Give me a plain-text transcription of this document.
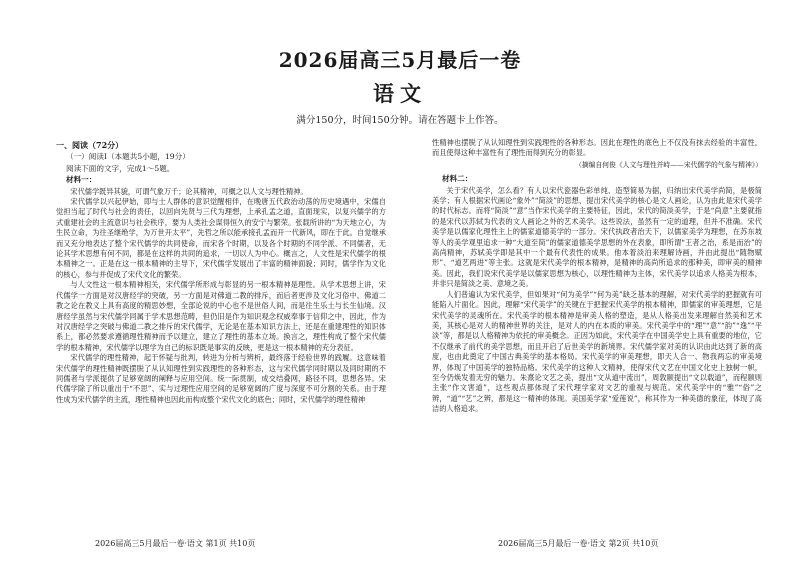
2026届高三5月最后一卷
语文
满分150分，时间150分钟。请在答题卡上作答。
一、阅读（72分）
（一）阅读Ⅰ（本题共5小题，19分）
阅读下面的文字，完成1～5题。
材料一：

宋代儒学既异其貌，可谓气象万千；论其精神，可概之以人文与理性精神。

宋代儒学以兴起伊始，即与士人群体的意识觉醒相伴，在晚唐五代政治动荡的历史境遇中，宋儒自觉担当起了时代与社会的责任，以回向先贤与三代为理想，上承孔孟之道，直面现实，以复兴儒学的方式重建社会的主流意识与社会秩序，要为人类社会谋得恒久的安宁与繁荣。张载所讲的“为天地立心，为生民立命，为往圣继绝学，为万世开太平”，先哲之所以能承接孔孟而开一代新风，即在于此。自觉继承而又充分地表达了整个宋代儒学的共同使命，而宋各个时期，以及各个时期的不同学派、不同儒者，无论其学术思想有何不同，都是在这样的共同的追求，一切以人为中心。概言之，人文性是宋代儒学的根本精神之一。正是在这一根本精神的主导下，宋代儒学发展出了丰富的精神面貌；同时，儒学作为文化的核心，参与并促成了宋代文化的繁荣。

与人文性这一根本精神相关，宋代儒学所形成与彰显的另一根本精神是理性。从学术思想上讲，宋代儒学一方面是对汉唐经学的突破，另一方面是对佛道二教的排斥，而后者更涉及文化习俗中。佛道二教之论在教义上具有高度的精思妙想，全部论说的中心也不是世俗人间，而是往生乐土与长生仙境。汉唐经学虽然与宋代儒学同属于学术思想范畴，但仍旧是作为知识观念权威奉事于信仰之中，因此，作为对汉唐经学之突破与佛道二教之排斥的宋代儒学，无论是在基本知识方法上，还是在重建理性的知识体系上，都必然要求遵循理性精神而予以建立，建立了理性的基本立场。换言之，理性构成了整个宋代儒学的根本精神，宋代儒学以理学为自己的标识既是事实的反映，更是这一根本精神的充分表征。

宋代儒学的理性精神，起于怀疑与批判，转进为分析与辨析，最终落于经验世界的践履。这意味着宋代儒学的理性精神既摆脱了从认知理性到实践理性的各种形态，这与宋代儒学同时期以及同时期的不同儒者与学派提供了足够宽阔的阐释与应用空间。统一际贯制，成交结叠网，路径不同，思想各异。宋代儒学除了所以重出于“不思”、实与过理性应用空间的足够宽阔的广度与深度不可分割的关系。由于理性成为宋代儒学的主流，理性精神也因此而构成整个宋代文化的底色；同时，宋代儒学的理性精神

性精神也摆脱了从认知理性到实践理性的各种形态。因此在理性的底色上不仅没有抹去经验的丰富性，而且使得这种丰富性有了理性而得到充分的彰显。

（摘编自何俊《人文与理性并峙——宋代儒学的气象与精神》）
材料二：

关于宋代美学，怎么看？有人以宋代瓷器色彩单纯、造型简易为据，归纳出宋代美学尚简，是极简美学；有人根据宋代画论“象外”“简淡”的思想，提出宋代美学的核心是文人画论，认为由此是宋代美学的时代标志。而将“简淡”“意”当作宋代美学的主要特征，因此，宋代的简淡美学，于是“尚意”主要就指的是宋代以苏轼为代表的文人画论之外的艺术美学。这些说法，虽然有一定的道理，但并不准确。宋代美学是以儒家化理性主上的儒家道德美学的一部分。宋代执政者治天下，以儒家美学为理想，在苏东坡等人的美学观里追求一种“大道至简”的儒家道德美学思想的外在表象，即所谓“王者之治，系是而治”的高尚精神，苏轼美学即是其中一个最有代表性的成果。他本着淡泊来理解诗画，并由此提出“随物赋形”、“道艺两进”等主张。这就是宋代美学的根本精神，是精神的高尚所追求的那种美，即审美的精神美。因此，我们说宋代美学是以儒家思想为核心，以理性精神为主体，宋代美学以追求人格美为根本，并非只是简淡之美、意境之美。

人们普遍认为宋代美学，但如果对“何为美学”“何为美”缺乏基本的理解，对宋代美学的把握就有可能陷入片面化。因此，理解“宋代美学”的关键在于把握宋代美学的根本精神，即儒家的审美理想，它是宋代美学的灵魂所在。宋代美学的根本精神是审美人格的塑造，是从人格美出发来理解自然美和艺术美，其核心是对人的精神世界的关注，是对人的内在本质的审美。宋代美学中的“理”“意”“韵”“逸”“平淡”等，都是以人格精神为依托的审美概念。正因为如此，宋代美学在中国美学史上具有重要的地位，它不仅继承了前代的美学思想，而且开启了后世美学的新境界。宋代儒学家对美的认识由此达到了新的高度，也由此奠定了中国古典美学的基本格局。宋代美学的审美理想，即天人合一、物我两忘的审美境界，体现了中国美学的独特品格。宋代美学的这种人文精神，使得宋代文艺在中国文化史上独树一帜，至今仍焕发着无穷的魅力。朱熹论文艺之美，提出“文从道中流出”，周敦颐提出“文以载道”，而程颐则主张“作文害道”，这些观点都体现了宋代理学家对文艺的重视与规范。宋代美学中的“雅”“俗”之辨，“道”“艺”之辨，都是这一精神的体现。美国美学家“爱莲说”，称其作为一种美德的象征，体现了高洁的人格追求。

2026届高三5月最后一卷·语文 第1页 共10页	2026届高三5月最后一卷·语文 第2页 共10页
